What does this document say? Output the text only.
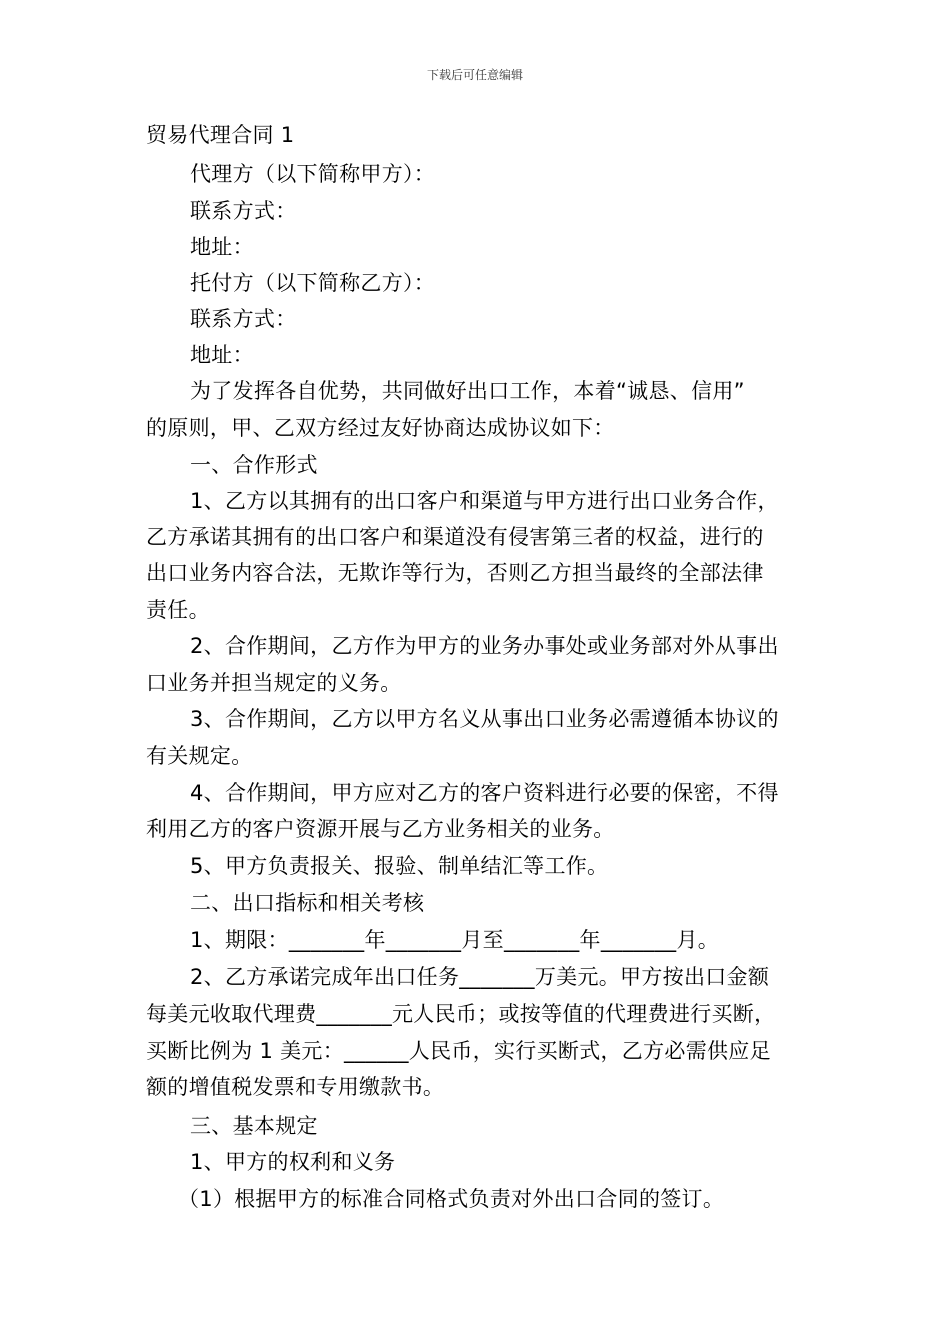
下载后可任意编辑
贸易代理合同 1
代理方（以下简称甲方）：
联系方式：
地址：
托付方（以下简称乙方）：
联系方式：
地址：
为了发挥各自优势，共同做好出口工作，本着“诚恳、信用”
的原则，甲、乙双方经过友好协商达成协议如下：
一、合作形式
1、乙方以其拥有的出口客户和渠道与甲方进行出口业务合作，
乙方承诺其拥有的出口客户和渠道没有侵害第三者的权益，进行的
出口业务内容合法，无欺诈等行为，否则乙方担当最终的全部法律
责任。
2、合作期间，乙方作为甲方的业务办事处或业务部对外从事出
口业务并担当规定的义务。
3、合作期间，乙方以甲方名义从事出口业务必需遵循本协议的
有关规定。
4、合作期间，甲方应对乙方的客户资料进行必要的保密，不得
利用乙方的客户资源开展与乙方业务相关的业务。
5、甲方负责报关、报验、制单结汇等工作。
二、出口指标和相关考核
1、期限：_______年_______月至_______年_______月。
2、乙方承诺完成年出口任务_______万美元。甲方按出口金额
每美元收取代理费_______元人民币；或按等值的代理费进行买断，
买断比例为 1 美元：______人民币，实行买断式，乙方必需供应足
额的增值税发票和专用缴款书。
三、基本规定
1、甲方的权利和义务
（1）根据甲方的标准合同格式负责对外出口合同的签订。
